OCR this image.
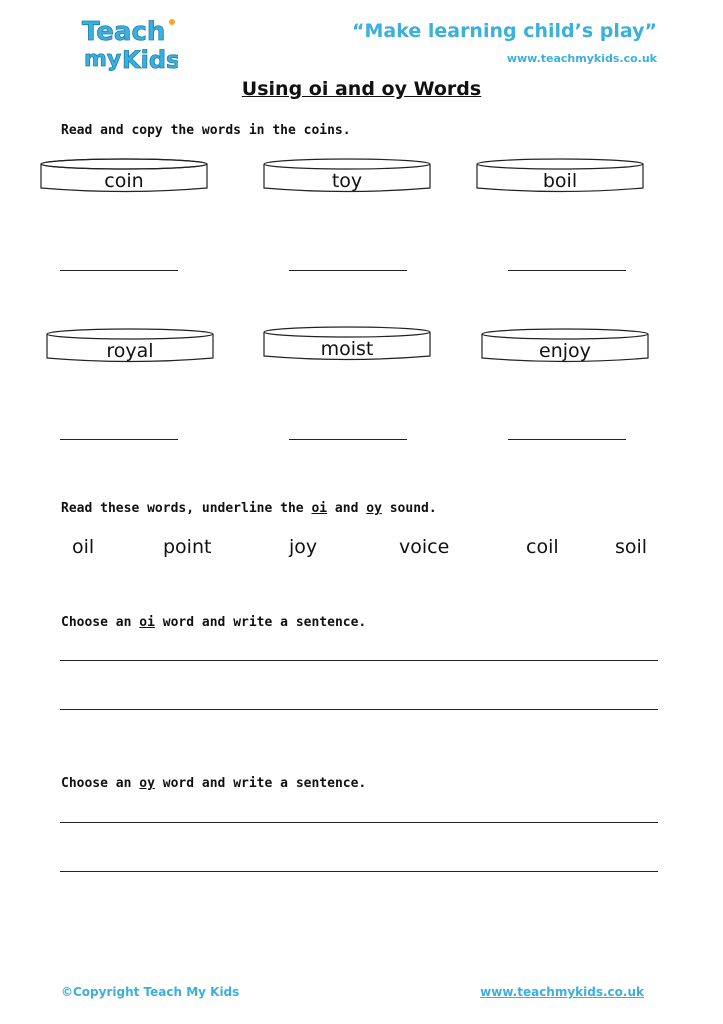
Teach
my Kids
“Make learning child’s play”
www.teachmykids.co.uk
Using oi and oy Words
Read and copy the words in the coins.
coin	toy	boil
royal	moist	enjoy
Read these words, underline the oi and oy sound.
oil	point	joy	voice	coil	soil
Choose an oi word and write a sentence.
Choose an oy word and write a sentence.
©Copyright Teach My Kids	www.teachmykids.co.uk
